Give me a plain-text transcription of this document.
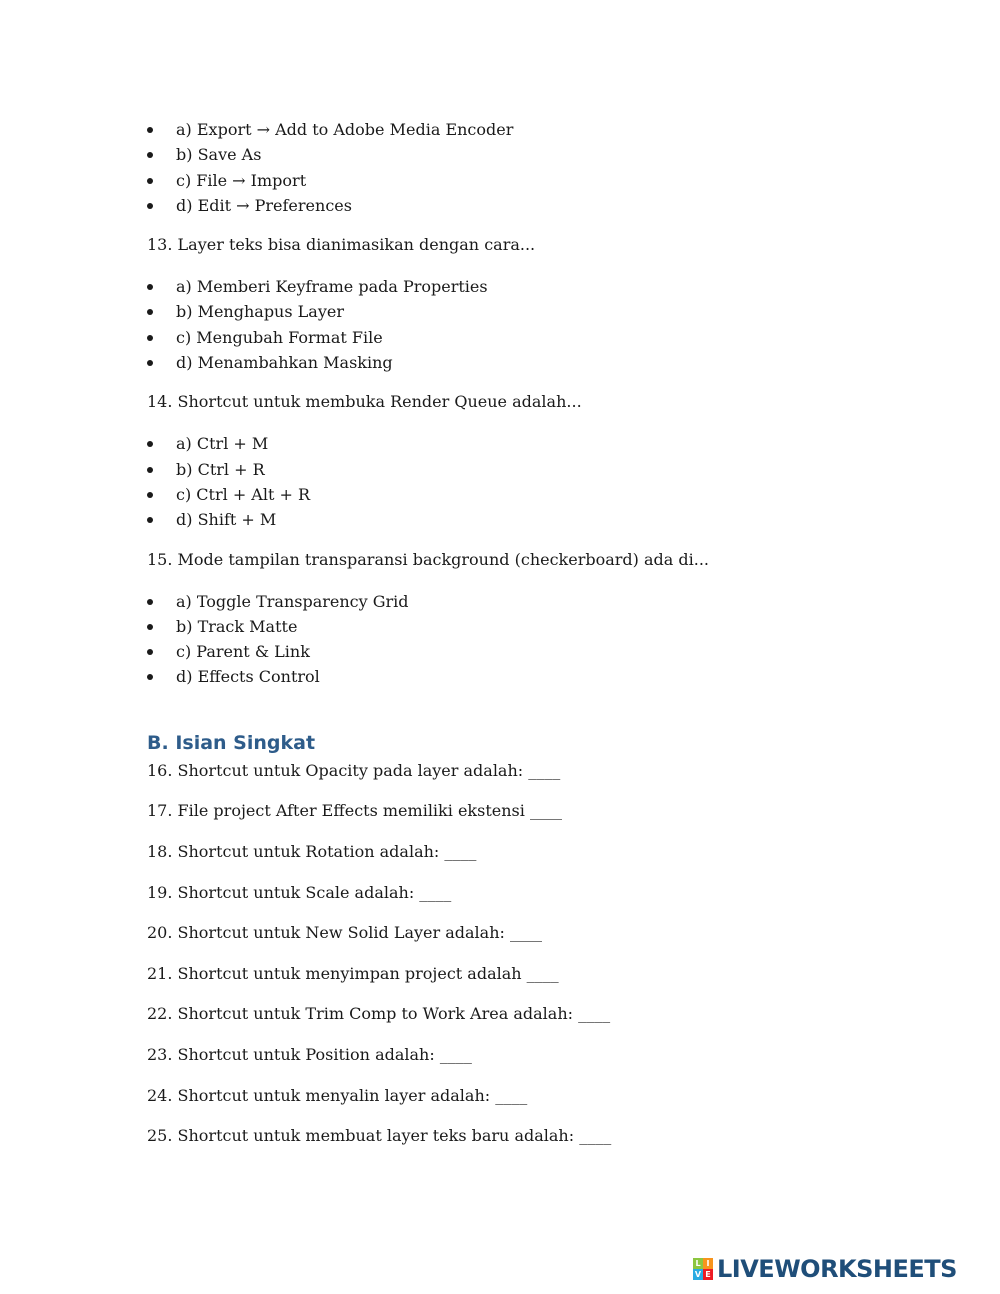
a) Export → Add to Adobe Media Encoder
b) Save As
c) File → Import
d) Edit → Preferences

13. Layer teks bisa dianimasikan dengan cara...

a) Memberi Keyframe pada Properties
b) Menghapus Layer
c) Mengubah Format File
d) Menambahkan Masking

14. Shortcut untuk membuka Render Queue adalah...

a) Ctrl + M
b) Ctrl + R
c) Ctrl + Alt + R
d) Shift + M

15. Mode tampilan transparansi background (checkerboard) ada di...

a) Toggle Transparency Grid
b) Track Matte
c) Parent & Link
d) Effects Control
B. Isian Singkat

16. Shortcut untuk Opacity pada layer adalah: ____

17. File project After Effects memiliki ekstensi ____

18. Shortcut untuk Rotation adalah: ____

19. Shortcut untuk Scale adalah: ____

20. Shortcut untuk New Solid Layer adalah: ____

21. Shortcut untuk menyimpan project adalah ____

22. Shortcut untuk Trim Comp to Work Area adalah: ____

23. Shortcut untuk Position adalah: ____

24. Shortcut untuk menyalin layer adalah: ____

25. Shortcut untuk membuat layer teks baru adalah: ____

L I
V E LIVEWORKSHEETS
